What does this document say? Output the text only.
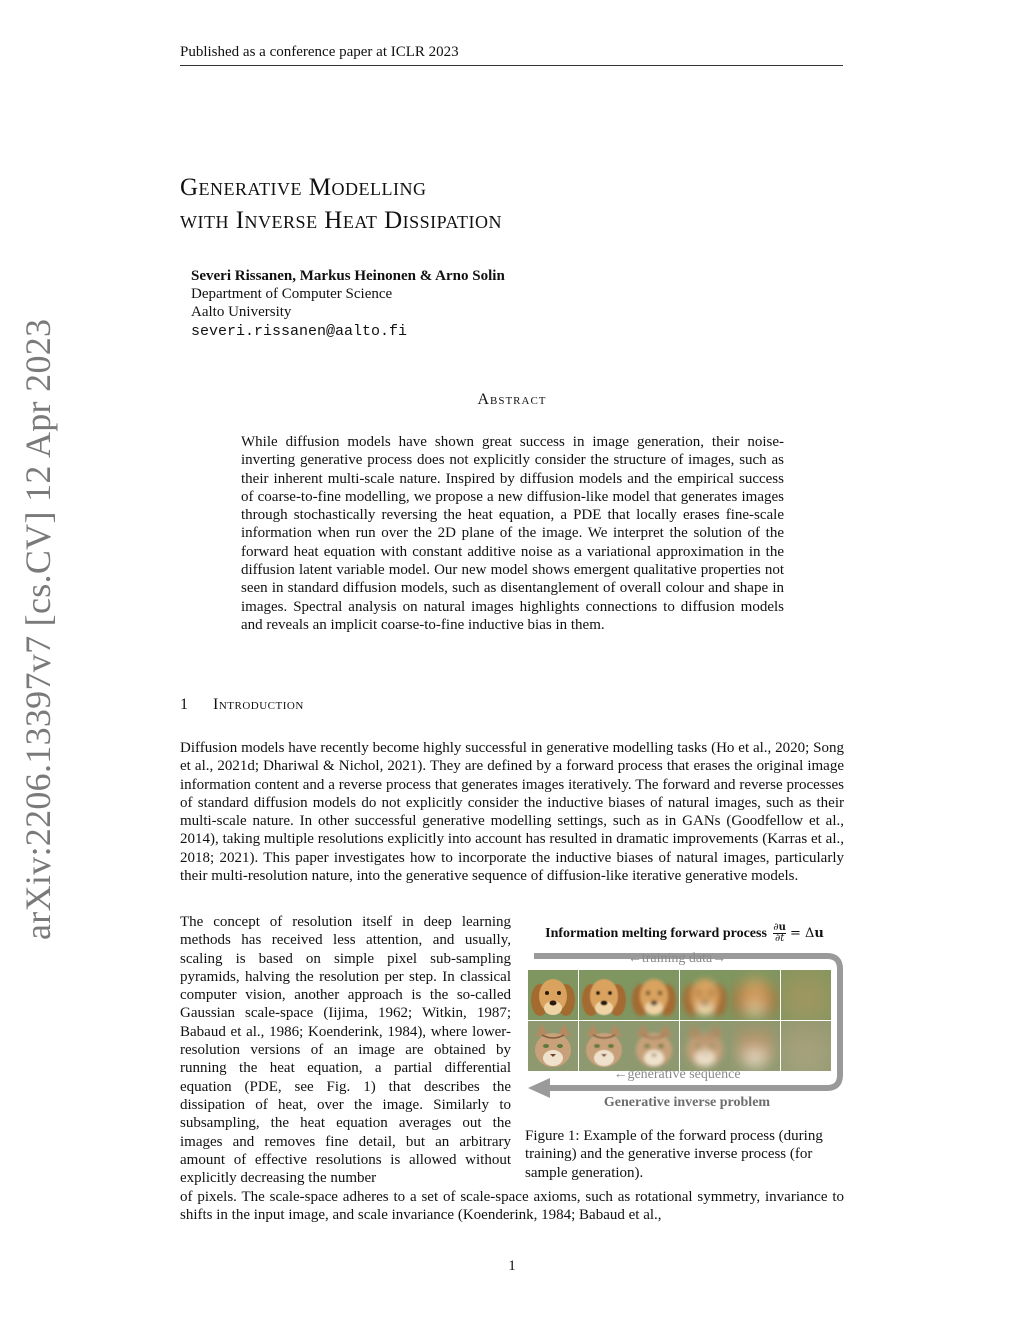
Published as a conference paper at ICLR 2023
Generative Modelling
with Inverse Heat Dissipation
Severi Rissanen, Markus Heinonen & Arno Solin
Department of Computer Science
Aalto University
severi.rissanen@aalto.fi
arXiv:2206.13397v7 [cs.CV] 12 Apr 2023	Abstract
While diffusion models have shown great success in image generation, their noise-inverting generative process does not explicitly consider the structure of images, such as their inherent multi-scale nature. Inspired by diffusion models and the empirical success of coarse-to-fine modelling, we propose a new diffusion-like model that generates images through stochastically reversing the heat equation, a PDE that locally erases fine-scale information when run over the 2D plane of the image. We interpret the solution of the forward heat equation with constant additive noise as a variational approximation in the diffusion latent variable model. Our new model shows emergent qualitative properties not seen in standard diffusion models, such as disentanglement of overall colour and shape in images. Spectral analysis on natural images highlights connections to diffusion models and reveals an implicit coarse-to-fine inductive bias in them.
1 Introduction
Diffusion models have recently become highly successful in generative modelling tasks (Ho et al., 2020; Song et al., 2021d; Dhariwal & Nichol, 2021). They are defined by a forward process that erases the original image information content and a reverse process that generates images iteratively. The forward and reverse processes of standard diffusion models do not explicitly consider the inductive biases of natural images, such as their multi-scale nature. In other successful generative modelling settings, such as in GANs (Goodfellow et al., 2014), taking multiple resolutions explicitly into account has resulted in dramatic improvements (Karras et al., 2018; 2021). This paper investigates how to incorporate the inductive biases of natural images, particularly their multi-resolution nature, into the generative sequence of diffusion-like iterative generative models.
The concept of resolution itself in deep learning methods has received less attention, and usually, scaling is based on simple pixel sub-sampling pyramids, halving the resolution per step. In classical computer vision, another approach is the so-called Gaussian scale-space (Iijima, 1962; Witkin, 1987; Babaud et al., 1986; Koenderink, 1984), where lower-resolution versions of an image are obtained by running the heat equation, a partial differential equation (PDE, see Fig. 1) that describes the dissipation of heat, over the image. Similarly to subsampling, the heat equation averages out the images and removes fine detail, but an arbitrary amount of effective resolutions is allowed without explicitly decreasing the number
Information melting forward process $\frac{\partial u}{\partial t} = \Delta u$
←training data→
←generative sequence
Generative inverse problem
Figure 1: Example of the forward process (during training) and the generative inverse process (for sample generation).
of pixels. The scale-space adheres to a set of scale-space axioms, such as rotational symmetry, invariance to shifts in the input image, and scale invariance (Koenderink, 1984; Babaud et al.,
1
